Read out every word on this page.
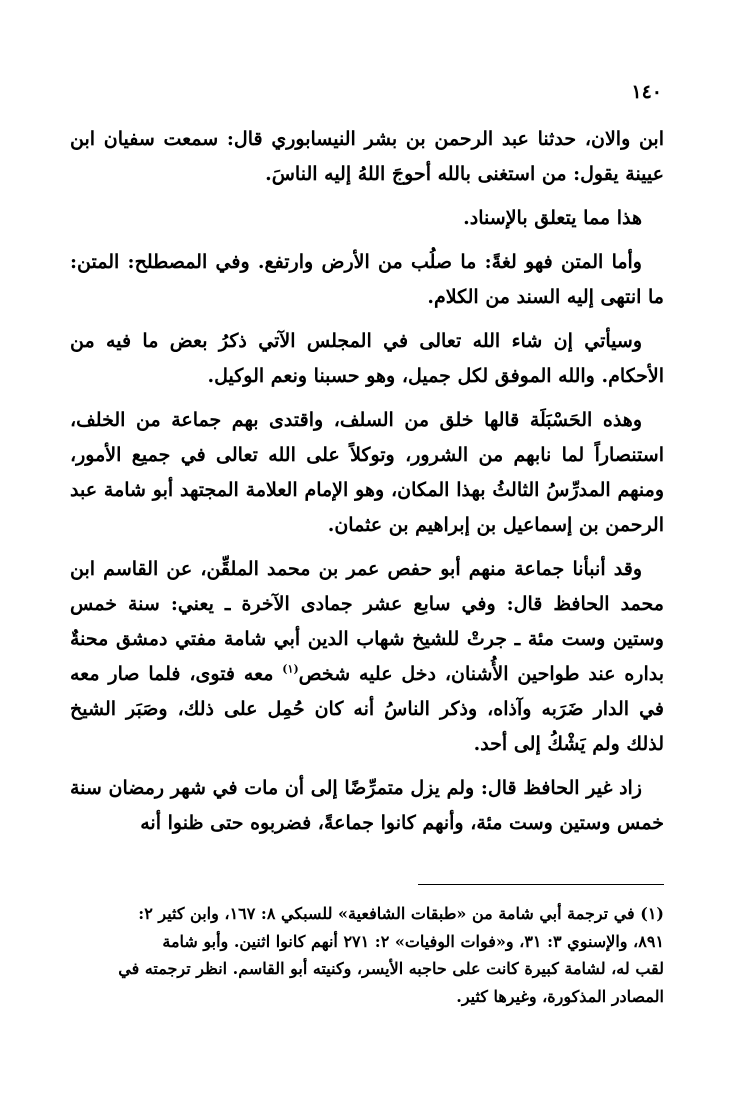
١٤٠

ابن والان، حدثنا عبد الرحمن بن بشر النيسابوري قال: سمعت سفيان ابن عيينة يقول: من استغنى بالله أحوجَ اللهُ إليه الناسَ.

هذا مما يتعلق بالإسناد.

وأما المتن فهو لغةً: ما صلُب من الأرض وارتفع. وفي المصطلح: المتن: ما انتهى إليه السند من الكلام.

وسيأتي إن شاء الله تعالى في المجلس الآتي ذكرُ بعض ما فيه من الأحكام. والله الموفق لكل جميل، وهو حسبنا ونعم الوكيل.

وهذه الحَسْبَلَة قالها خلق من السلف، واقتدى بهم جماعة من الخلف، استنصاراً لما نابهم من الشرور، وتوكلاً على الله تعالى في جميع الأمور، ومنهم المدرِّسُ الثالثُ بهذا المكان، وهو الإمام العلامة المجتهد أبو شامة عبد الرحمن بن إسماعيل بن إبراهيم بن عثمان.

وقد أنبأنا جماعة منهم أبو حفص عمر بن محمد الملقِّن، عن القاسم ابن محمد الحافظ قال: وفي سابع عشر جمادى الآخرة ـ يعني: سنة خمس وستين وست مئة ـ جرتْ للشيخ شهاب الدين أبي شامة مفتي دمشق محنةٌ بداره عند طواحين الأُشنان، دخل عليه شخص$^{(١)}$ معه فتوى، فلما صار معه في الدار ضَرَبه وآذاه، وذكر الناسُ أنه كان حُمِل على ذلك، وصَبَر الشيخ لذلك ولم يَشْكُ إلى أحد.

زاد غير الحافظ قال: ولم يزل متمرِّضًا إلى أن مات في شهر رمضان سنة خمس وستين وست مئة، وأنهم كانوا جماعةً، فضربوه حتى ظنوا أنه

(١) في ترجمة أبي شامة من «طبقات الشافعية» للسبكي ٨: ١٦٧، وابن كثير ٢:
٨٩١، والإسنوي ٣: ٣١، و«فوات الوفيات» ٢: ٢٧١ أنهم كانوا اثنين. وأبو شامة
لقب له، لشامة كبيرة كانت على حاجبه الأيسر، وكنيته أبو القاسم. انظر ترجمته في
المصادر المذكورة، وغيرها كثير.
